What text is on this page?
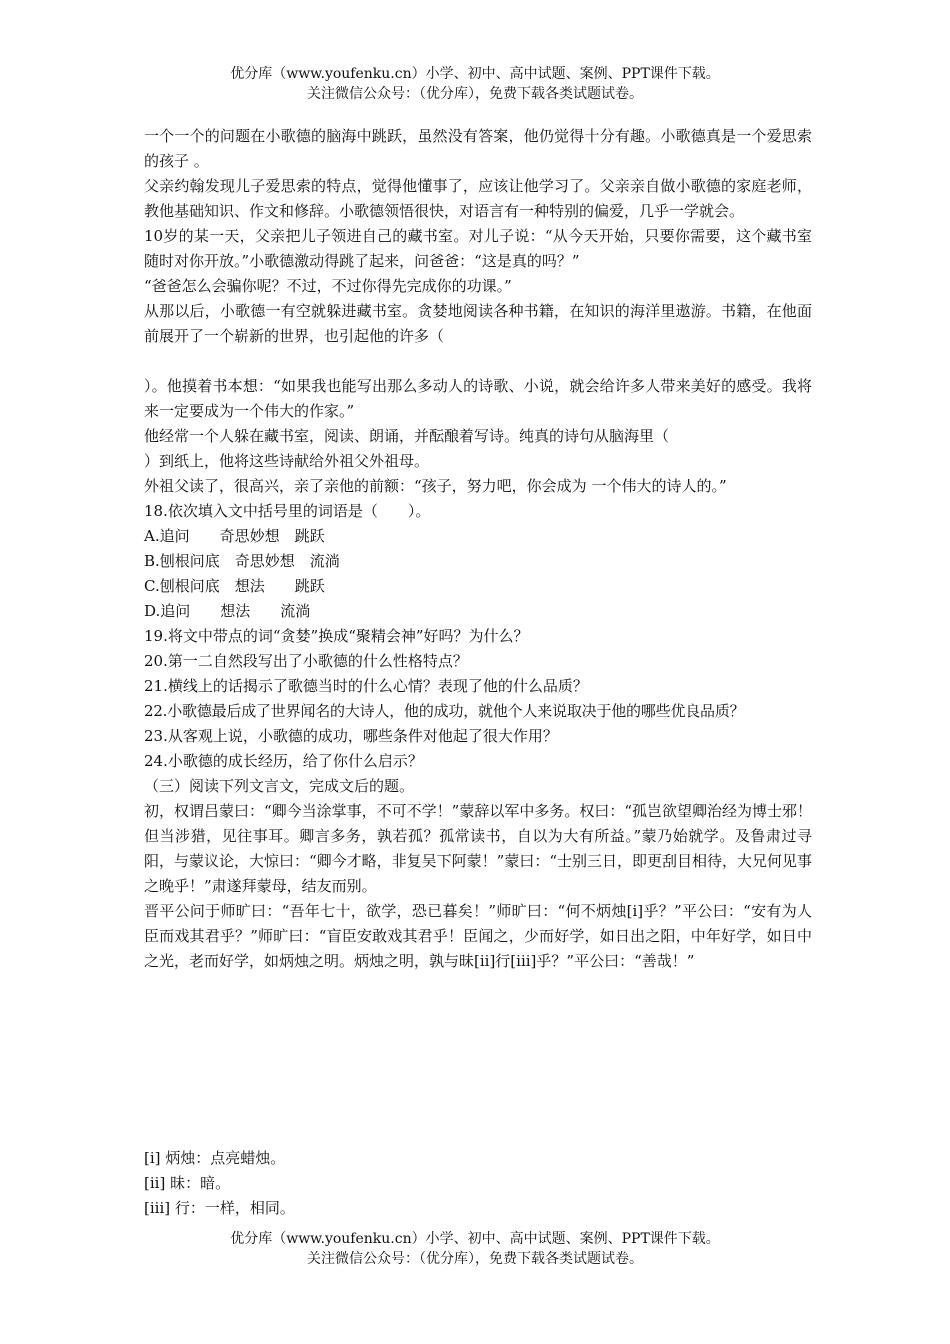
优分库（www.youfenku.cn）小学、初中、高中试题、案例、PPT课件下载。
关注微信公众号：（优分库），免费下载各类试题试卷。

一个一个的问题在小歌德的脑海中跳跃，虽然没有答案，他仍觉得十分有趣。小歌德真是一个爱思索的孩子 。

父亲约翰发现儿子爱思索的特点，觉得他懂事了，应该让他学习了。父亲亲自做小歌德的家庭老师，教他基础知识、作文和修辞。小歌德领悟很快，对语言有一种特别的偏爱，几乎一学就会。

10岁的某一天，父亲把儿子领进自己的藏书室。对儿子说：“从今天开始，只要你需要，这个藏书室随时对你开放。”小歌德激动得跳了起来，问爸爸：“这是真的吗？”

“爸爸怎么会骗你呢？不过，不过你得先完成你的功课。”

从那以后，小歌德一有空就躲进藏书室。贪婪地阅读各种书籍，在知识的海洋里遨游。书籍，在他面前展开了一个崭新的世界，也引起他的许多（

）。他摸着书本想：“如果我也能写出那么多动人的诗歌、小说，就会给许多人带来美好的感受。我将来一定要成为一个伟大的作家。”

他经常一个人躲在藏书室，阅读、朗诵，并酝酿着写诗。纯真的诗句从脑海里（

）到纸上，他将这些诗献给外祖父外祖母。

外祖父读了，很高兴，亲了亲他的前额：“孩子，努力吧，你会成为 一个伟大的诗人的。”

18.依次填入文中括号里的词语是（　　）。

A.追问　　奇思妙想　跳跃

B.刨根问底　奇思妙想　流淌

C.刨根问底　想法　　跳跃

D.追问　　想法　　流淌

19.将文中带点的词“贪婪”换成“聚精会神”好吗？为什么？

20.第一二自然段写出了小歌德的什么性格特点？

21.横线上的话揭示了歌德当时的什么心情？表现了他的什么品质？

22.小歌德最后成了世界闻名的大诗人，他的成功，就他个人来说取决于他的哪些优良品质？

23.从客观上说，小歌德的成功，哪些条件对他起了很大作用？

24.小歌德的成长经历，给了你什么启示？

（三）阅读下列文言文，完成文后的题。

初，权谓吕蒙曰：“卿今当涂掌事，不可不学！”蒙辞以军中多务。权曰：“孤岂欲望卿治经为博士邪！但当涉猎，见往事耳。卿言多务，孰若孤？孤常读书，自以为大有所益。”蒙乃始就学。及鲁肃过寻阳，与蒙议论，大惊曰：“卿今才略，非复吴下阿蒙！”蒙曰：“士别三日，即更刮目相待，大兄何见事之晚乎！”肃遂拜蒙母，结友而别。

晋平公问于师旷曰：“吾年七十，欲学，恐已暮矣！”师旷曰：“何不炳烛[i]乎？”平公曰：“安有为人臣而戏其君乎？”师旷曰：“盲臣安敢戏其君乎！臣闻之，少而好学，如日出之阳，中年好学，如日中之光，老而好学，如炳烛之明。炳烛之明，孰与昧[ii]行[iii]乎？”平公曰：“善哉！”

[i] 炳烛：点亮蜡烛。
[ii] 昧：暗。
[iii] 行：一样，相同。
优分库（www.youfenku.cn）小学、初中、高中试题、案例、PPT课件下载。
关注微信公众号：（优分库），免费下载各类试题试卷。
